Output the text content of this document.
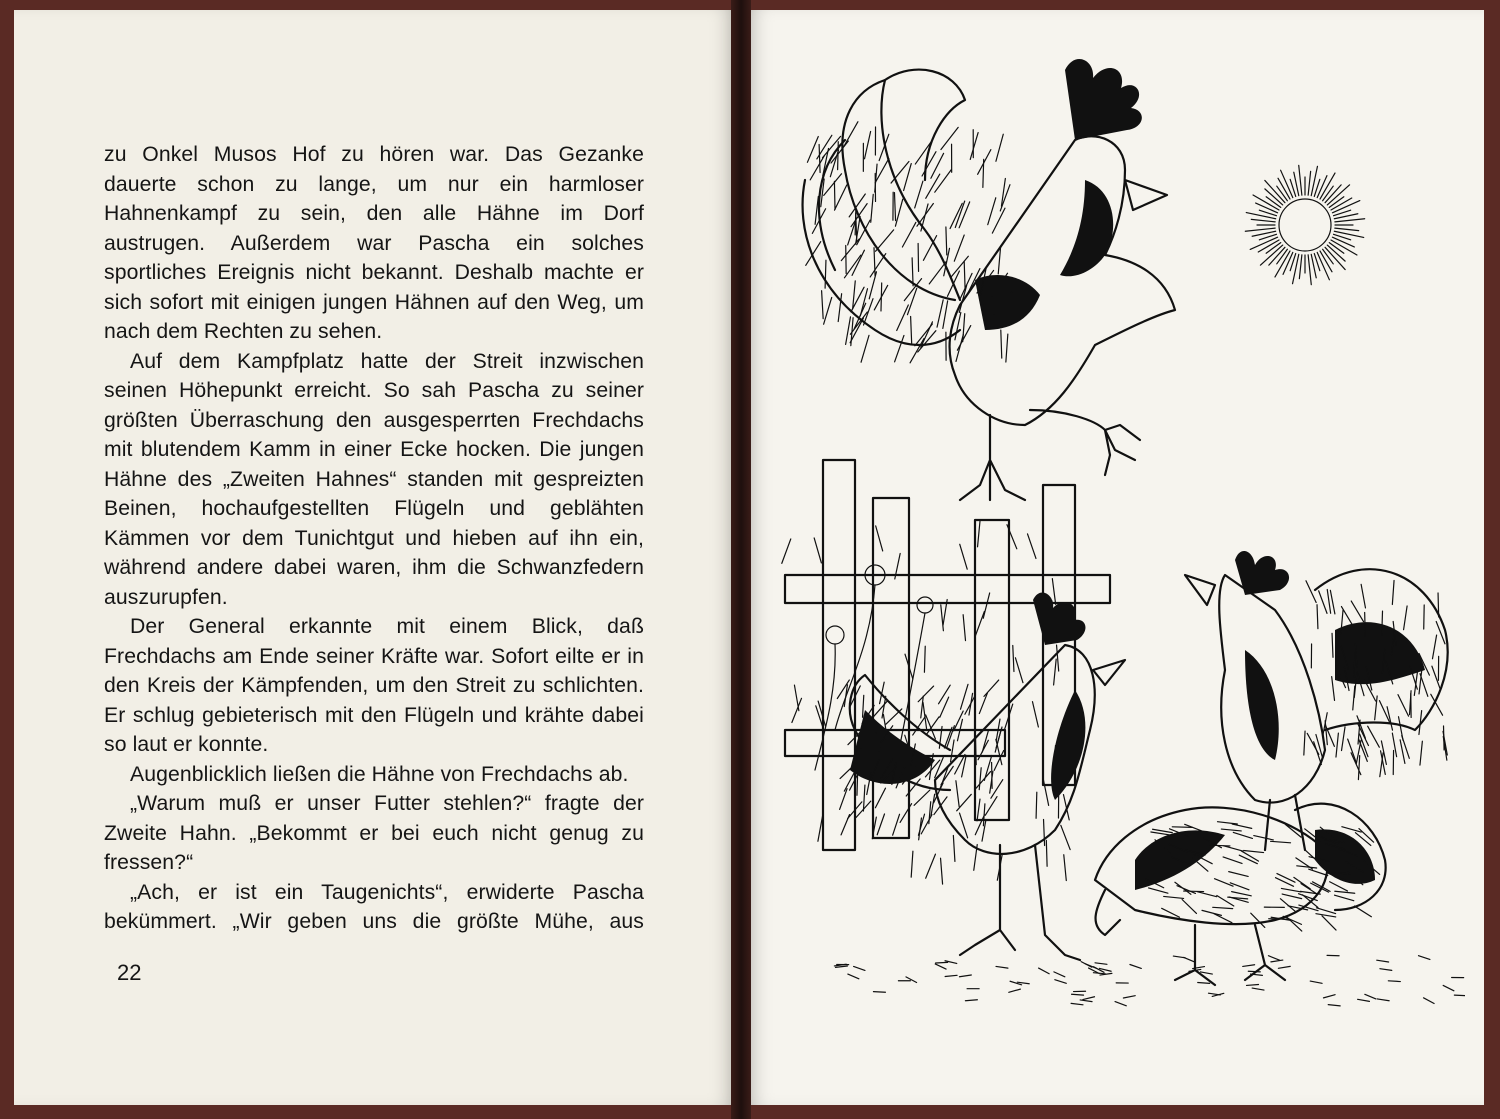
zu Onkel Musos Hof zu hören war. Das Gezanke dauerte schon zu lange, um nur ein harmloser Hahnenkampf zu sein, den alle Hähne im Dorf austrugen. Außerdem war Pascha ein solches sportliches Ereignis nicht bekannt. Deshalb machte er sich sofort mit einigen jungen Hähnen auf den Weg, um nach dem Rechten zu sehen.

Auf dem Kampfplatz hatte der Streit inzwischen seinen Höhepunkt erreicht. So sah Pascha zu seiner größten Überraschung den ausgesperrten Frechdachs mit blutendem Kamm in einer Ecke hocken. Die jungen Hähne des „Zweiten Hahnes“ standen mit gespreizten Beinen, hochaufgestellten Flügeln und geblähten Kämmen vor dem Tunichtgut und hieben auf ihn ein, während andere dabei waren, ihm die Schwanzfedern auszurupfen.

Der General erkannte mit einem Blick, daß Frechdachs am Ende seiner Kräfte war. Sofort eilte er in den Kreis der Kämpfenden, um den Streit zu schlichten. Er schlug gebieterisch mit den Flügeln und krähte dabei so laut er konnte.

Augenblicklich ließen die Hähne von Frechdachs ab.

„Warum muß er unser Futter stehlen?“ fragte der Zweite Hahn. „Bekommt er bei euch nicht genug zu fressen?“

„Ach, er ist ein Taugenichts“, erwiderte Pascha bekümmert. „Wir geben uns die größte Mühe, aus

22
